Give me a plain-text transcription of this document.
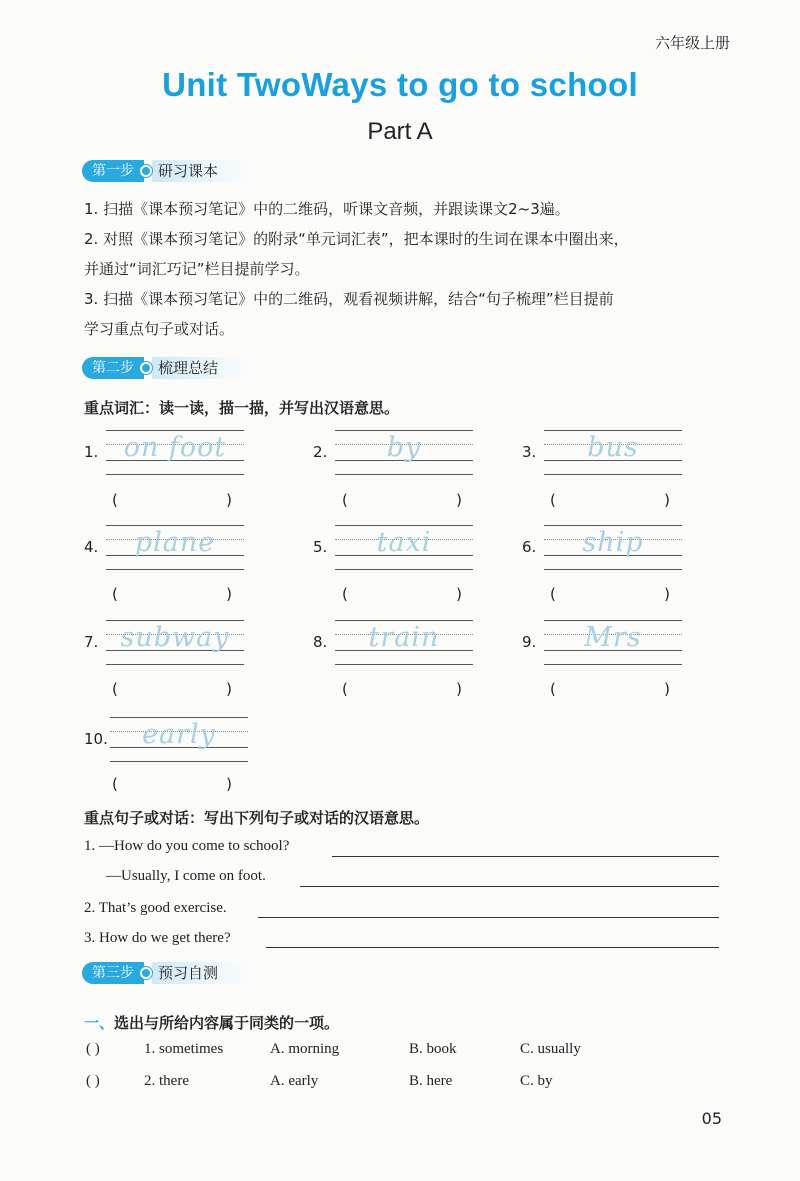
六年级上册
Unit TwoWays to go to school
Part A
第一步	研习课本
1. 扫描《课本预习笔记》中的二维码，听课文音频，并跟读课文2~3遍。
2. 对照《课本预习笔记》的附录“单元词汇表”，把本课时的生词在课本中圈出来，
并通过“词汇巧记”栏目提前学习。
3. 扫描《课本预习笔记》中的二维码，观看视频讲解，结合“句子梳理”栏目提前
学习重点句子或对话。
第二步	梳理总结
重点词汇：读一读，描一描，并写出汉语意思。
1. on foot
(	)
2.	by
(	)
3.	bus
(	)
4.	plane
(	)
5.	taxi
(	)
6.	ship
(	)
7. subway
(	)
8.	train
(	)
9.	Mrs
(	)
10.	early
(	)
重点句子或对话：写出下列句子或对话的汉语意思。
1. —How do you come to school?
—Usually, I come on foot.
2. That’s good exercise.
3. How do we get there?
第三步	预习自测
一、选出与所给内容属于同类的一项。
( )	1. sometimes	A. morning	B. book	C. usually
( )	2. there	A. early	B. here	C. by
05
